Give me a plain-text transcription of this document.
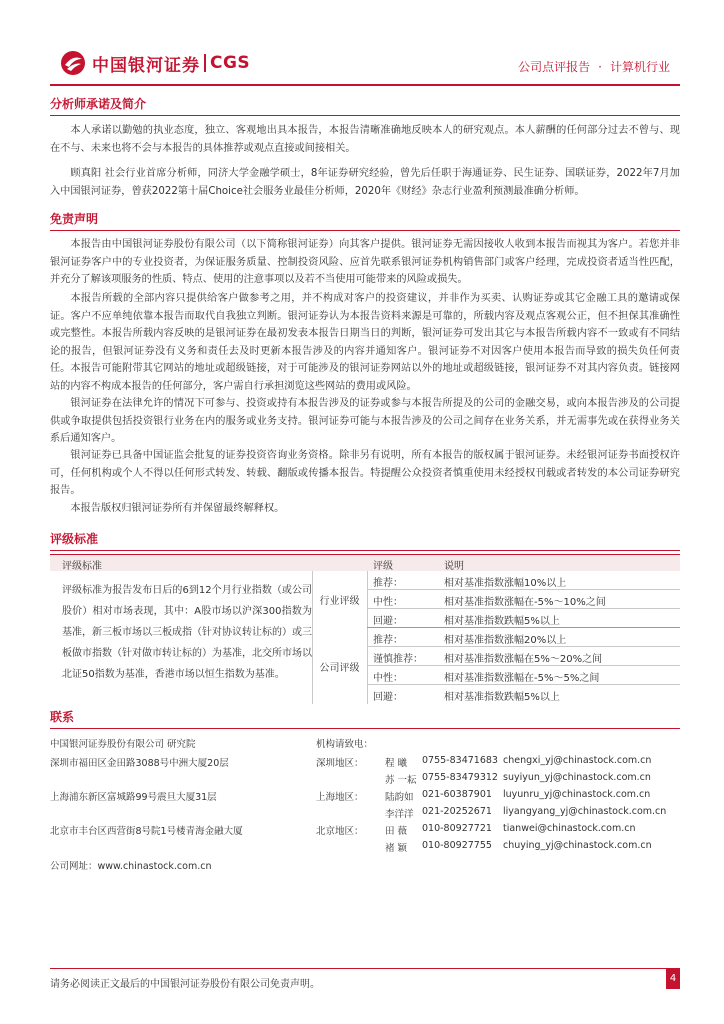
中国银河证券 CGS	公司点评报告 · 计算机行业
分析师承诺及简介

本人承诺以勤勉的执业态度，独立、客观地出具本报告，本报告清晰准确地反映本人的研究观点。本人薪酬的任何部分过去不曾与、现在不与、未来也将不会与本报告的具体推荐或观点直接或间接相关。

顾真阳 社会行业首席分析师，同济大学金融学硕士，8年证券研究经验，曾先后任职于海通证券、民生证券、国联证券，2022年7月加入中国银河证券，曾获2022第十届Choice社会服务业最佳分析师，2020年《财经》杂志行业盈利预测最准确分析师。

免责声明

本报告由中国银河证券股份有限公司（以下简称银河证券）向其客户提供。银河证券无需因接收人收到本报告而视其为客户。若您并非银河证券客户中的专业投资者，为保证服务质量、控制投资风险、应首先联系银河证券机构销售部门或客户经理，完成投资者适当性匹配，并充分了解该项服务的性质、特点、使用的注意事项以及若不当使用可能带来的风险或损失。

本报告所载的全部内容只提供给客户做参考之用，并不构成对客户的投资建议，并非作为买卖、认购证券或其它金融工具的邀请或保证。客户不应单纯依靠本报告而取代自我独立判断。银河证券认为本报告资料来源是可靠的，所载内容及观点客观公正，但不担保其准确性或完整性。本报告所载内容反映的是银河证券在最初发表本报告日期当日的判断，银河证券可发出其它与本报告所载内容不一致或有不同结论的报告，但银河证券没有义务和责任去及时更新本报告涉及的内容并通知客户。银河证券不对因客户使用本报告而导致的损失负任何责任。 本报告可能附带其它网站的地址或超级链接，对于可能涉及的银河证券网站以外的地址或超级链接，银河证券不对其内容负责。链接网站的内容不构成本报告的任何部分，客户需自行承担浏览这些网站的费用或风险。

银河证券在法律允许的情况下可参与、投资或持有本报告涉及的证券或参与本报告所提及的公司的金融交易，或向本报告涉及的公司提供或争取提供包括投资银行业务在内的服务或业务支持。银河证券可能与本报告涉及的公司之间存在业务关系，并无需事先或在获得业务关系后通知客户。

银河证券已具备中国证监会批复的证券投资咨询业务资格。除非另有说明，所有本报告的版权属于银河证券。未经银河证券书面授权许可，任何机构或个人不得以任何形式转发、转载、翻版或传播本报告。特提醒公众投资者慎重使用未经授权刊载或者转发的本公司证券研究报告。

本报告版权归银河证券所有并保留最终解释权。

评级标准
评级标准	评级	说明
评级标准为报告发布日后的6到12个月行业指数（或公司股价）相对市场表现，其中：A股市场以沪深300指数为基准，新三板市场以三板成指（针对协议转让标的）或三板做市指数（针对做市转让标的）为基准，北交所市场以北证50指数为基准，香港市场以恒生指数为基准。
行业评级
推荐：	相对基准指数涨幅10%以上
中性：	相对基准指数涨幅在-5%～10%之间
回避：	相对基准指数跌幅5%以上
公司评级
推荐：	相对基准指数涨幅20%以上
谨慎推荐： 相对基准指数涨幅在5%～20%之间
中性：	相对基准指数涨幅在-5%～5%之间
回避：	相对基准指数跌幅5%以上
联系
中国银河证券股份有限公司 研究院	机构请致电：
深圳市福田区金田路3088号中洲大厦20层	深圳地区： 程 曦 0755-83471683 chengxi_yj@chinastock.com.cn
苏 一耘 0755-83479312 suyiyun_yj@chinastock.com.cn
上海浦东新区富城路99号震旦大厦31层	上海地区： 陆韵如 021-60387901 luyunru_yj@chinastock.com.cn
李洋洋 021-20252671 liyangyang_yj@chinastock.com.cn
北京市丰台区西营街8号院1号楼青海金融大厦	北京地区： 田 薇 010-80927721 tianwei@chinastock.com.cn
褚 颖 010-80927755 chuying_yj@chinastock.com.cn
公司网址：www.chinastock.com.cn
请务必阅读正文最后的中国银河证券股份有限公司免责声明。
4
